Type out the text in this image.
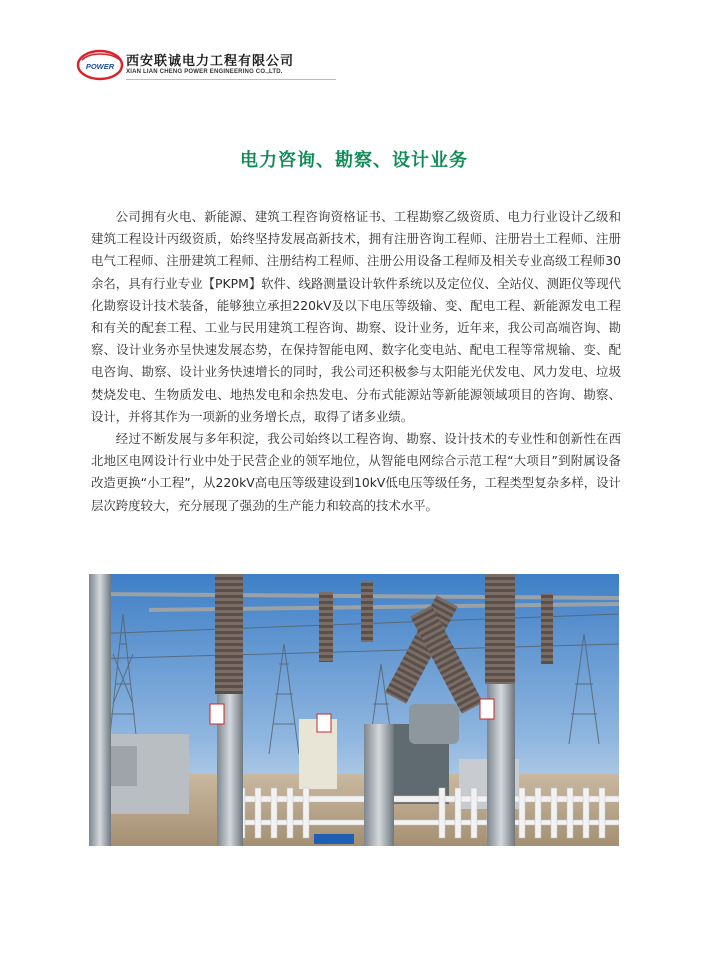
POWER 西安联诚电力工程有限公司
XIAN LIAN CHENG POWER ENGINEERING CO.,LTD.
电力咨询、勘察、设计业务

公司拥有火电、新能源、建筑工程咨询资格证书、工程勘察乙级资质、电力行业设计乙级和建筑工程设计丙级资质，始终坚持发展高新技术，拥有注册咨询工程师、注册岩土工程师、注册电气工程师、注册建筑工程师、注册结构工程师、注册公用设备工程师及相关专业高级工程师30余名，具有行业专业【PKPM】软件、线路测量设计软件系统以及定位仪、全站仪、测距仪等现代化勘察设计技术装备，能够独立承担220kV及以下电压等级输、变、配电工程、新能源发电工程和有关的配套工程、工业与民用建筑工程咨询、勘察、设计业务，近年来，我公司高端咨询、勘察、设计业务亦呈快速发展态势，在保持智能电网、数字化变电站、配电工程等常规输、变、配电咨询、勘察、设计业务快速增长的同时，我公司还积极参与太阳能光伏发电、风力发电、垃圾焚烧发电、生物质发电、地热发电和余热发电、分布式能源站等新能源领域项目的咨询、勘察、设计，并将其作为一项新的业务增长点，取得了诸多业绩。

经过不断发展与多年积淀，我公司始终以工程咨询、勘察、设计技术的专业性和创新性在西北地区电网设计行业中处于民营企业的领军地位，从智能电网综合示范工程“大项目”到附属设备改造更换“小工程”，从220kV高电压等级建设到10kV低电压等级任务，工程类型复杂多样，设计层次跨度较大，充分展现了强劲的生产能力和较高的技术水平。
